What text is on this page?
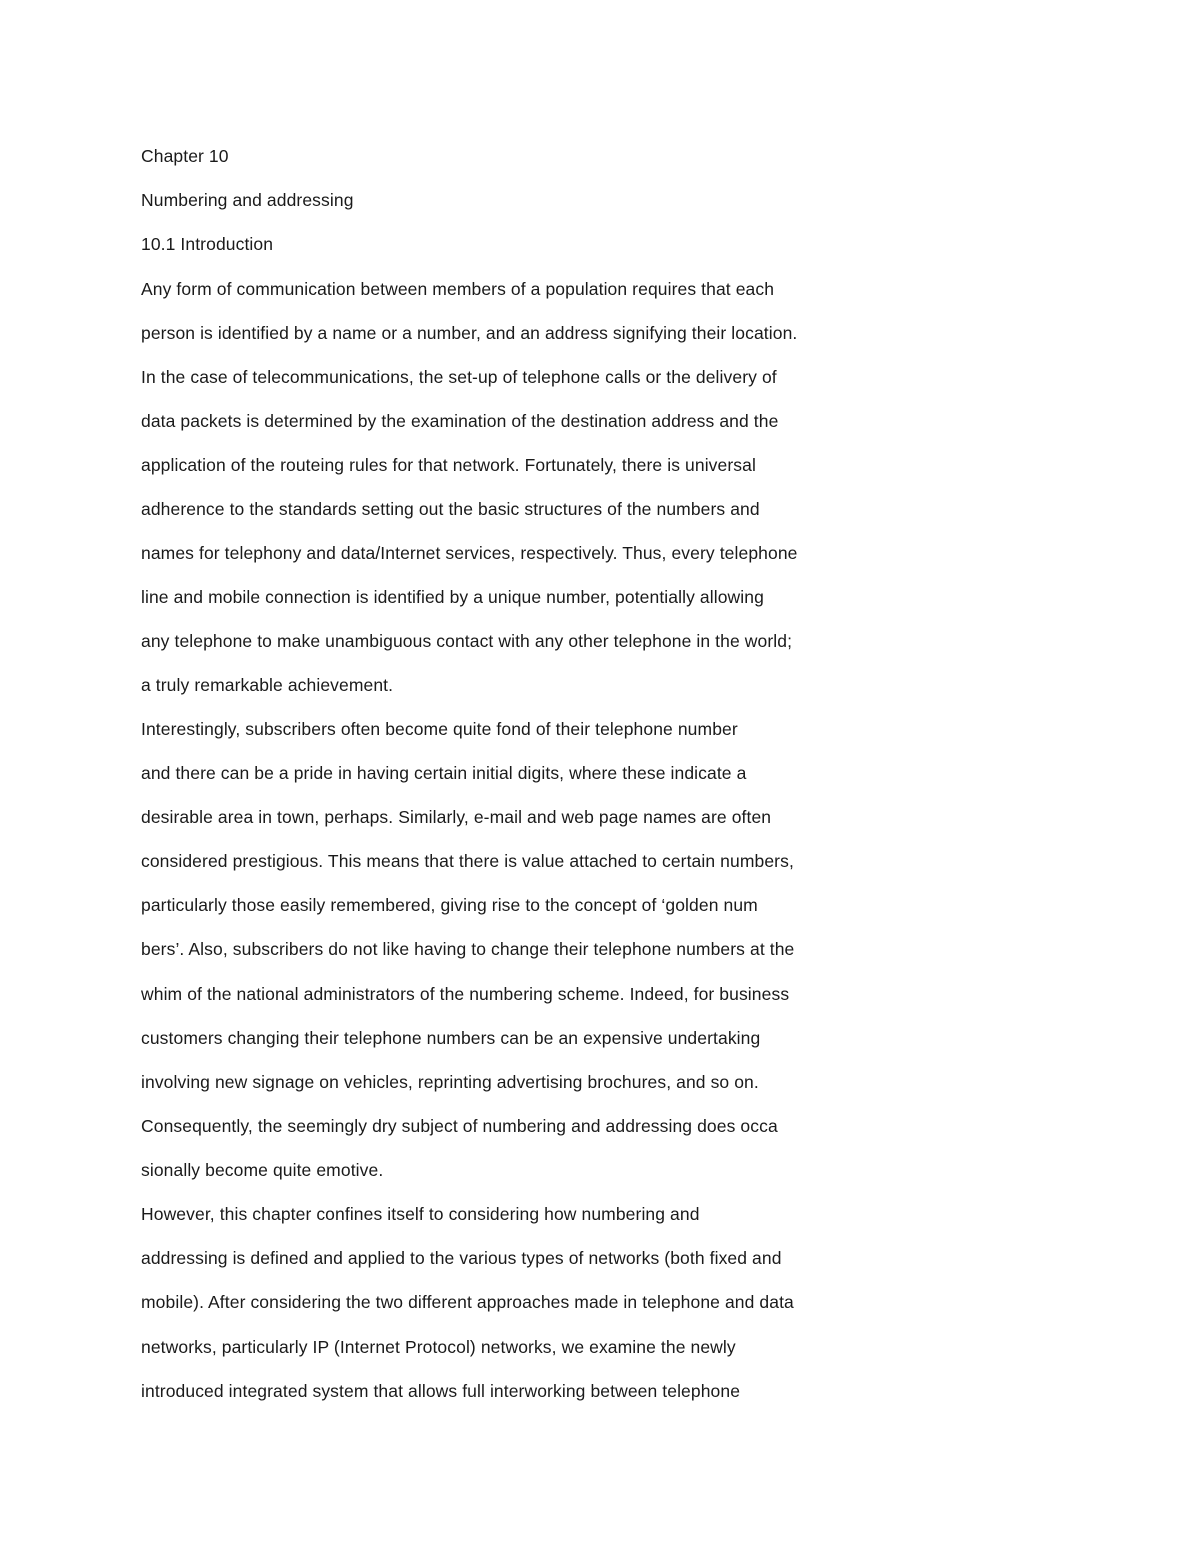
Chapter 10
Numbering and addressing
10.1 Introduction
Any form of communication between members of a population requires that each
person is identified by a name or a number, and an address signifying their location.
In the case of telecommunications, the set-up of telephone calls or the delivery of
data packets is determined by the examination of the destination address and the
application of the routeing rules for that network. Fortunately, there is universal
adherence to the standards setting out the basic structures of the numbers and
names for telephony and data/Internet services, respectively. Thus, every telephone
line and mobile connection is identified by a unique number, potentially allowing
any telephone to make unambiguous contact with any other telephone in the world;
a truly remarkable achievement.
Interestingly, subscribers often become quite fond of their telephone number
and there can be a pride in having certain initial digits, where these indicate a
desirable area in town, perhaps. Similarly, e-mail and web page names are often
considered prestigious. This means that there is value attached to certain numbers,
particularly those easily remembered, giving rise to the concept of ‘golden num
bers’. Also, subscribers do not like having to change their telephone numbers at the
whim of the national administrators of the numbering scheme. Indeed, for business
customers changing their telephone numbers can be an expensive undertaking
involving new signage on vehicles, reprinting advertising brochures, and so on.
Consequently, the seemingly dry subject of numbering and addressing does occa
sionally become quite emotive.
However, this chapter confines itself to considering how numbering and
addressing is defined and applied to the various types of networks (both fixed and
mobile). After considering the two different approaches made in telephone and data
networks, particularly IP (Internet Protocol) networks, we examine the newly
introduced integrated system that allows full interworking between telephone
